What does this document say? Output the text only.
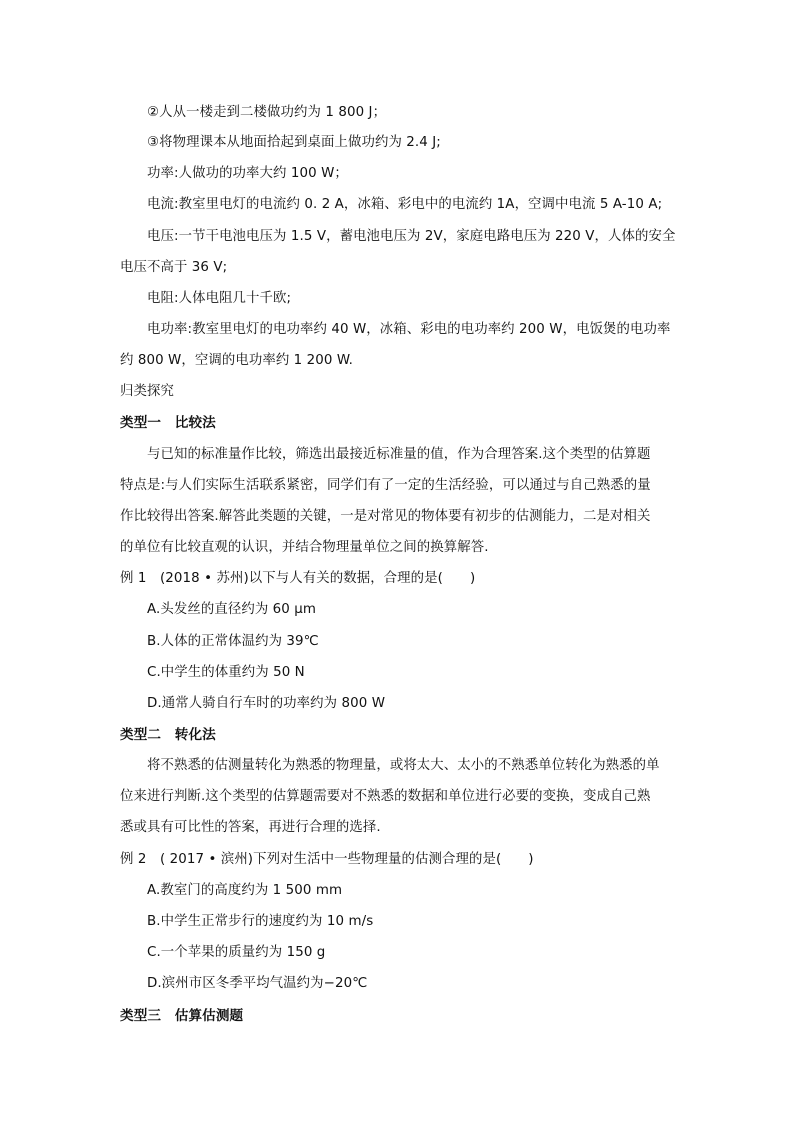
②人从一楼走到二楼做功约为 1 800 J；
③将物理课本从地面拾起到桌面上做功约为 2.4 J;
功率:人做功的功率大约 100 W；
电流:教室里电灯的电流约 0. 2 A，冰箱、彩电中的电流约 1A，空调中电流 5 A-10 A;
电压:一节干电池电压为 1.5 V，蓄电池电压为 2V，家庭电路电压为 220 V，人体的安全
电压不高于 36 V;
电阻:人体电阻几十千欧;
电功率:教室里电灯的电功率约 40 W，冰箱、彩电的电功率约 200 W，电饭煲的电功率
约 800 W，空调的电功率约 1 200 W.
归类探究
类型一　比较法
与已知的标准量作比较，筛选出最接近标准量的值，作为合理答案.这个类型的估算题
特点是:与人们实际生活联系紧密，同学们有了一定的生活经验，可以通过与自己熟悉的量
作比较得出答案.解答此类题的关键，一是对常见的物体要有初步的估测能力，二是对相关
的单位有比较直观的认识，并结合物理量单位之间的换算解答.
例 1　(2018 • 苏州)以下与人有关的数据，合理的是(　　)
A.头发丝的直径约为 60 μm
B.人体的正常体温约为 39℃
C.中学生的体重约为 50 N
D.通常人骑自行车时的功率约为 800 W
类型二　转化法
将不熟悉的估测量转化为熟悉的物理量，或将太大、太小的不熟悉单位转化为熟悉的单
位来进行判断.这个类型的估算题需要对不熟悉的数据和单位进行必要的变换，变成自己熟
悉或具有可比性的答案，再进行合理的选择.
例 2　( 2017 • 滨州)下列对生活中一些物理量的估测合理的是(　　)
A.教室门的高度约为 1 500 mm
B.中学生正常步行的速度约为 10 m/s
C.一个苹果的质量约为 150 g
D.滨州市区冬季平均气温约为−20℃
类型三　估算估测题
